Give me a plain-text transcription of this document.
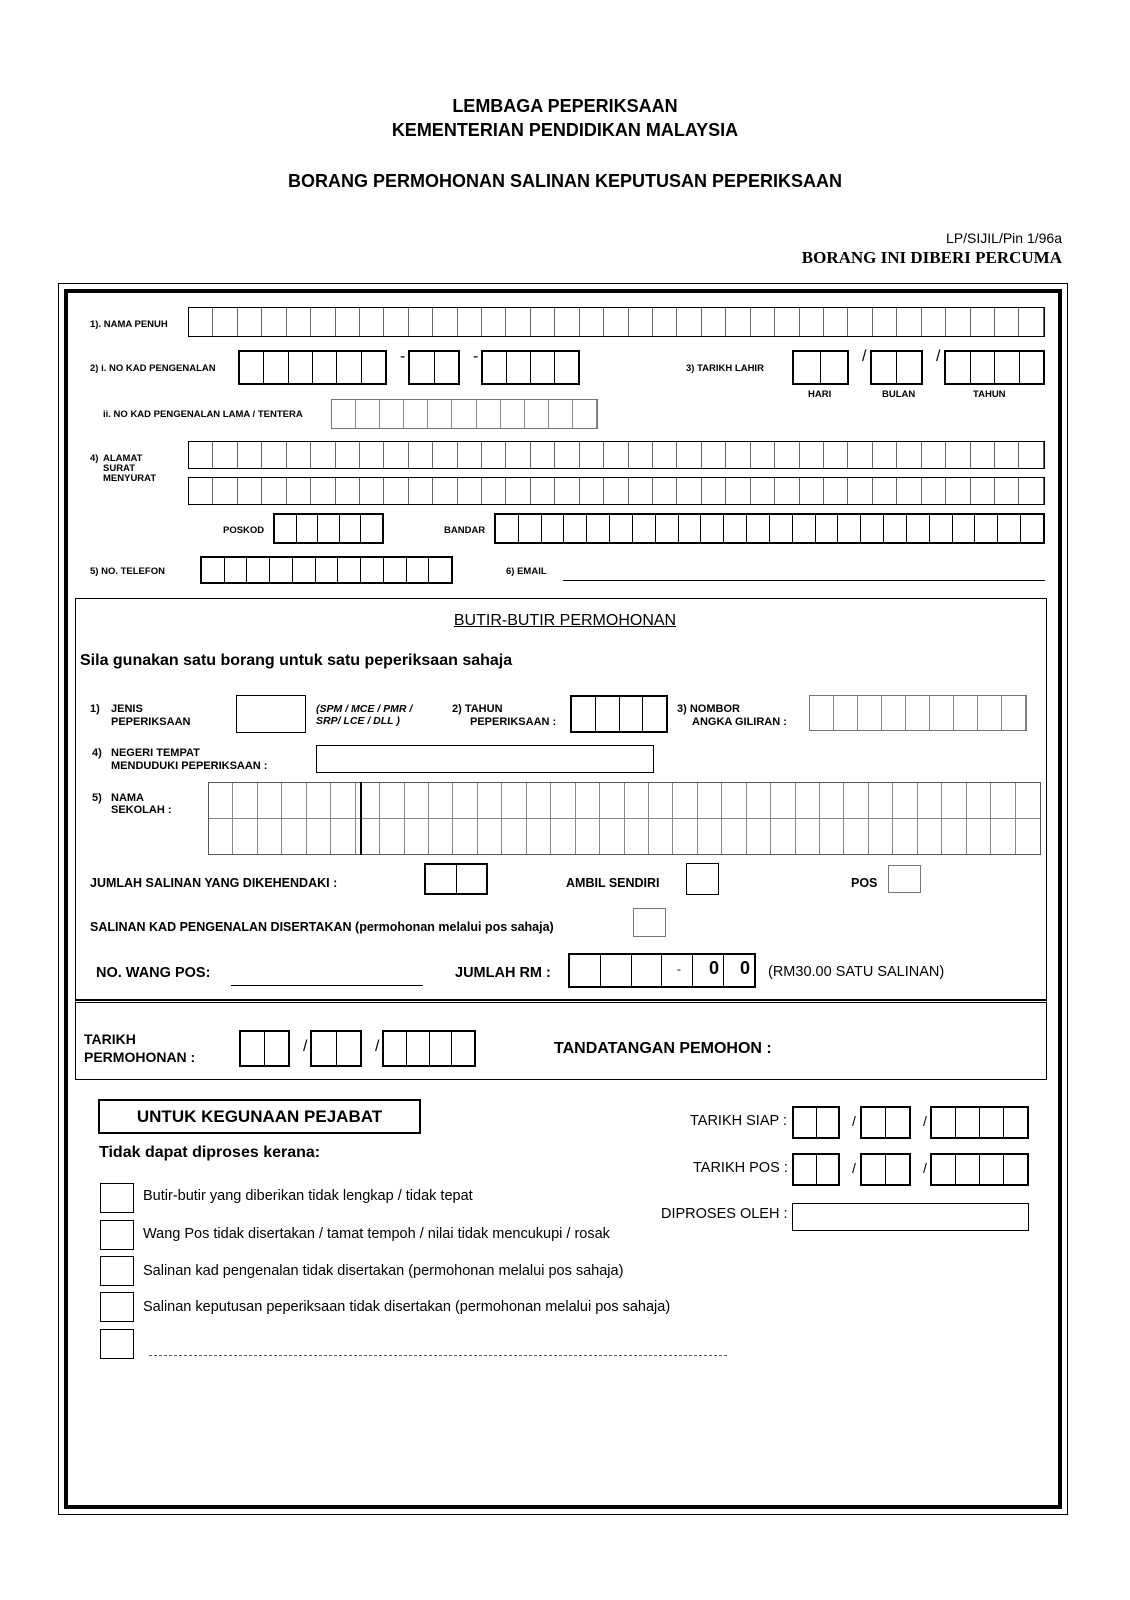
LEMBAGA PEPERIKSAAN
KEMENTERIAN PENDIDIKAN MALAYSIA
BORANG PERMOHONAN SALINAN KEPUTUSAN PEPERIKSAAN
LP/SIJIL/Pin 1/96a
BORANG INI DIBERI PERCUMA
1). NAMA PENUH
2) i. NO KAD PENGENALAN
-	-
3) TARIKH LAHIR
/	/
HARI	BULAN	TAHUN
ii. NO KAD PENGENALAN LAMA / TENTERA
4) ALAMAT
SURAT
MENYURAT
POSKOD	BANDAR
5) NO. TELEFON	6) EMAIL
BUTIR-BUTIR PERMOHONAN
Sila gunakan satu borang untuk satu peperiksaan sahaja
1) JENIS
PEPERIKSAAN
(SPM / MCE / PMR /
SRP/ LCE / DLL )
2) TAHUN
PEPERIKSAAN :
3) NOMBOR
ANGKA GILIRAN :
4) NEGERI TEMPAT
MENDUDUKI PEPERIKSAAN :
5) NAMA
SEKOLAH :
JUMLAH SALINAN YANG DIKEHENDAKI :	AMBIL SENDIRI	POS
SALINAN KAD PENGENALAN DISERTAKAN (permohonan melalui pos sahaja)
NO. WANG POS:	JUMLAH RM :	- 0 0 (RM30.00 SATU SALINAN)
TARIKH
PERMOHONAN :
/	/	TANDATANGAN PEMOHON :
UNTUK KEGUNAAN PEJABAT
Tidak dapat diproses kerana:
Butir-butir yang diberikan tidak lengkap / tidak tepat
Wang Pos tidak disertakan / tamat tempoh / nilai tidak mencukupi / rosak
Salinan kad pengenalan tidak disertakan (permohonan melalui pos sahaja)
Salinan keputusan peperiksaan tidak disertakan (permohonan melalui pos sahaja)
TARIKH SIAP :	/	/
TARIKH POS :	/	/
DIPROSES OLEH :
